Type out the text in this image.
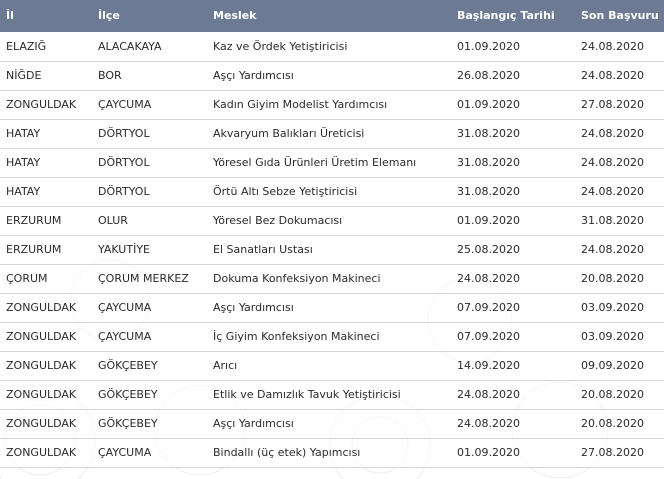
İl	İlçe	Meslek	Başlangıç Tarihi	Son Başvuru
ELAZIĞ	ALACAKAYA	Kaz ve Ördek Yetiştiricisi	01.09.2020	24.08.2020
NİĞDE	BOR	Aşçı Yardımcısı	26.08.2020	24.08.2020
ZONGULDAK	ÇAYCUMA	Kadın Giyim Modelist Yardımcısı	01.09.2020	27.08.2020
HATAY	DÖRTYOL	Akvaryum Balıkları Üreticisi	31.08.2020	24.08.2020
HATAY	DÖRTYOL	Yöresel Gıda Ürünleri Üretim Elemanı	31.08.2020	24.08.2020
HATAY	DÖRTYOL	Örtü Altı Sebze Yetiştiricisi	31.08.2020	24.08.2020
ERZURUM	OLUR	Yöresel Bez Dokumacısı	01.09.2020	31.08.2020
ERZURUM	YAKUTİYE	El Sanatları Ustası	25.08.2020	24.08.2020
ÇORUM	ÇORUM MERKEZ	Dokuma Konfeksiyon Makineci	24.08.2020	20.08.2020
ZONGULDAK	ÇAYCUMA	Aşçı Yardımcısı	07.09.2020	03.09.2020
ZONGULDAK	ÇAYCUMA	İç Giyim Konfeksiyon Makineci	07.09.2020	03.09.2020
ZONGULDAK	GÖKÇEBEY	Arıcı	14.09.2020	09.09.2020
ZONGULDAK	GÖKÇEBEY	Etlik ve Damızlık Tavuk Yetiştiricisi	24.08.2020	20.08.2020
ZONGULDAK	GÖKÇEBEY	Aşçı Yardımcısı	24.08.2020	20.08.2020
ZONGULDAK	ÇAYCUMA	Bindallı (üç etek) Yapımcısı	01.09.2020	27.08.2020
